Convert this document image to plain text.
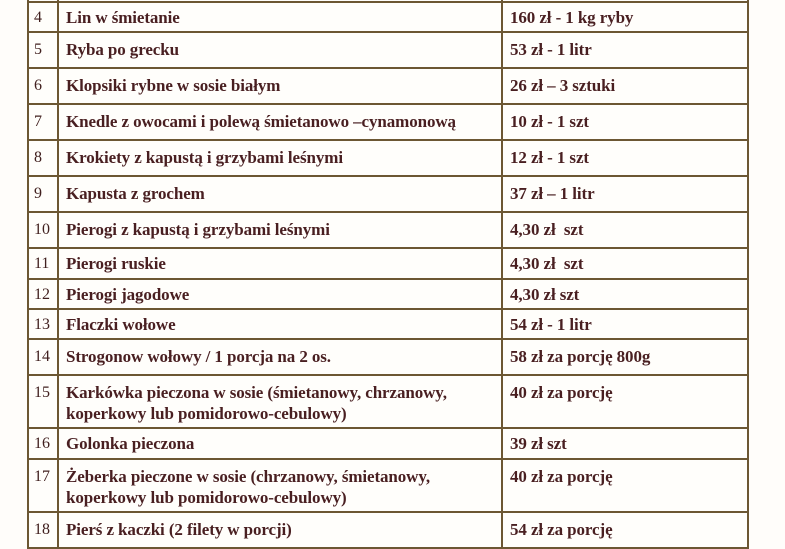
4	Lin w śmietanie	160 zł - 1 kg ryby
5	Ryba po grecku	53 zł - 1 litr
6	Klopsiki rybne w sosie białym	26 zł – 3 sztuki
7	Knedle z owocami i polewą śmietanowo –cynamonową	10 zł - 1 szt
8	Krokiety z kapustą i grzybami leśnymi	12 zł - 1 szt
9	Kapusta z grochem	37 zł – 1 litr
10	Pierogi z kapustą i grzybami leśnymi	4,30 zł  szt
11	Pierogi ruskie	4,30 zł  szt
12	Pierogi jagodowe	4,30 zł szt
13	Flaczki wołowe	54 zł - 1 litr
14	Strogonow wołowy / 1 porcja na 2 os.	58 zł za porcję 800g
15	Karkówka pieczona w sosie (śmietanowy, chrzanowy, koperkowy lub pomidorowo-cebulowy)	40 zł za porcję
16	Golonka pieczona	39 zł szt
17	Żeberka pieczone w sosie (chrzanowy, śmietanowy, koperkowy lub pomidorowo-cebulowy)	40 zł za porcję
18	Pierś z kaczki (2 filety w porcji)	54 zł za porcję
